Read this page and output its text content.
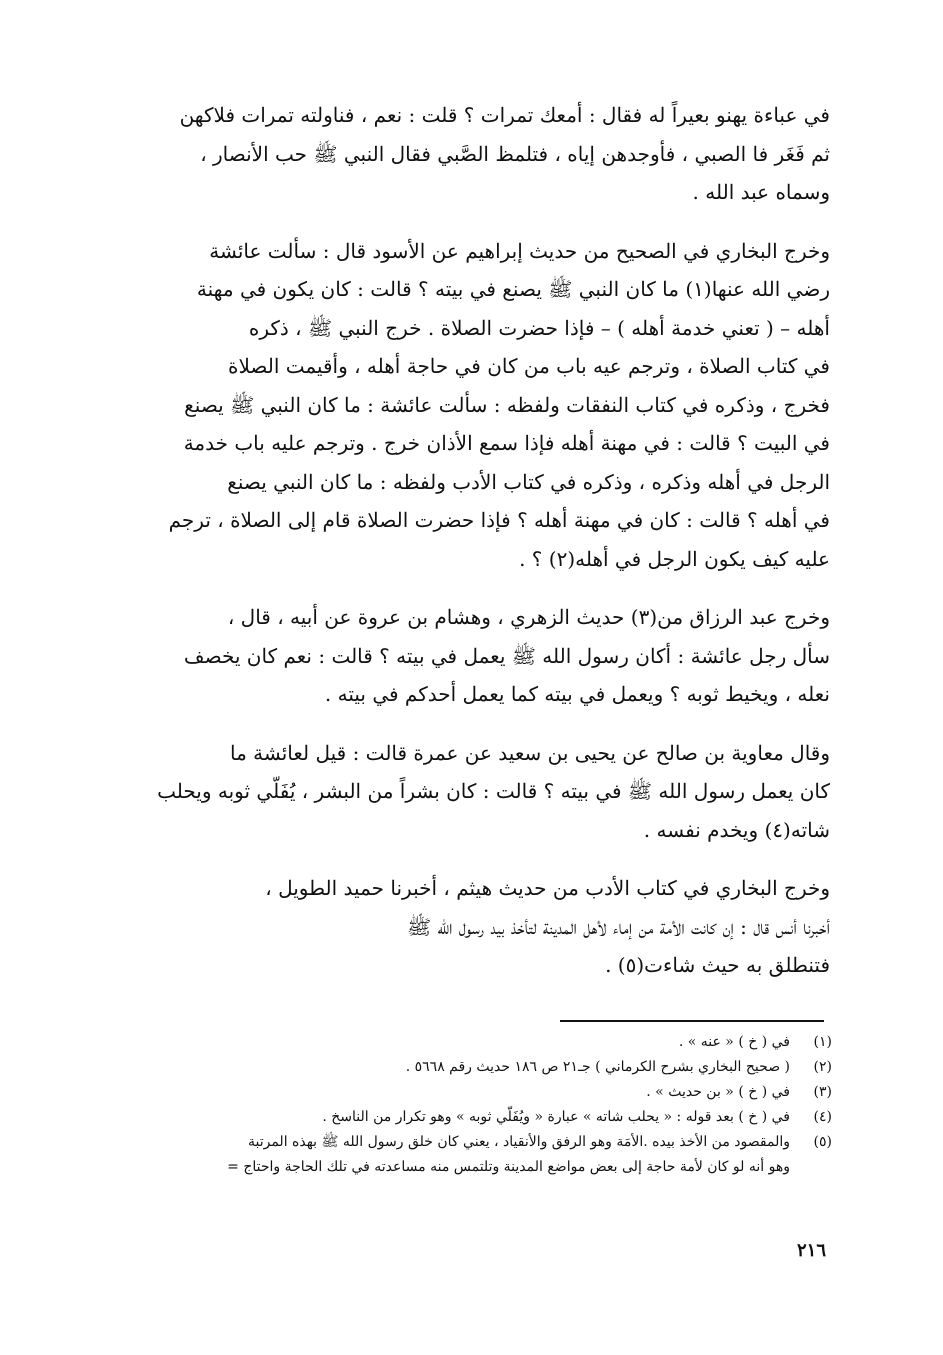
في عباءة يهنو بعيراً له فقال : أمعك تمرات ؟ قلت : نعم ، فناولته تمرات فلاكهن
ثم فَغَر فا الصبي ، فأوجدهن إياه ، فتلمظ الصَّبي فقال النبي ﷺ حب الأنصار ،
وسماه عبد الله .
وخرج البخاري في الصحيح من حديث إبراهيم عن الأسود قال : سألت عائشة
رضي الله عنها(١) ما كان النبي ﷺ يصنع في بيته ؟ قالت : كان يكون في مهنة
أهله – ( تعني خدمة أهله ) – فإذا حضرت الصلاة . خرج النبي ﷺ ، ذكره
في كتاب الصلاة ، وترجم عيه باب من كان في حاجة أهله ، وأقيمت الصلاة
فخرج ، وذكره في كتاب النفقات ولفظه : سألت عائشة : ما كان النبي ﷺ يصنع
في البيت ؟ قالت : في مهنة أهله فإذا سمع الأذان خرج . وترجم عليه باب خدمة
الرجل في أهله وذكره ، وذكره في كتاب الأدب ولفظه : ما كان النبي يصنع
في أهله ؟ قالت : كان في مهنة أهله ؟ فإذا حضرت الصلاة قام إلى الصلاة ، ترجم
عليه كيف يكون الرجل في أهله(٢) ؟ .
وخرج عبد الرزاق من(٣) حديث الزهري ، وهشام بن عروة عن أبيه ، قال ،
سأل رجل عائشة : أكان رسول الله ﷺ يعمل في بيته ؟ قالت : نعم كان يخصف
نعله ، ويخيط ثوبه ؟ ويعمل في بيته كما يعمل أحدكم في بيته .
وقال معاوية بن صالح عن يحيى بن سعيد عن عمرة قالت : قيل لعائشة ما
كان يعمل رسول الله ﷺ في بيته ؟ قالت : كان بشراً من البشر ، يُفَلّي ثوبه ويحلب
شاته(٤) ويخدم نفسه .
وخرج البخاري في كتاب الأدب من حديث هيثم ، أخبرنا حميد الطويل ،
أخبرنا أنس قال : إن كانت الأمة من إماء لأهل المدينة لتأخذ بيد رسول الله ﷺ
فتنطلق به حيث شاءت(٥) .
(١)
في ( خ ) « عنه » .
(٢)
( صحيح البخاري بشرح الكرماني ) جـ٢١ ص ١٨٦ حديث رقم ٥٦٦٨ .
(٣)
في ( خ ) « بن حديث » .
(٤)
في ( خ ) بعد قوله : « يحلب شاته » عبارة « ويُفَلّي ثوبه » وهو تكرار من الناسخ .
(٥)
والمقصود من الأخذ بيده .الأمَة وهو الرفق والأنقياد ، يعني كان خلق رسول الله ﷺ بهذه المرتبة
وهو أنه لو كان لأمة حاجة إلى بعض مواضع المدينة وتلتمس منه مساعدته في تلك الحاجة واحتاج =
٢١٦
